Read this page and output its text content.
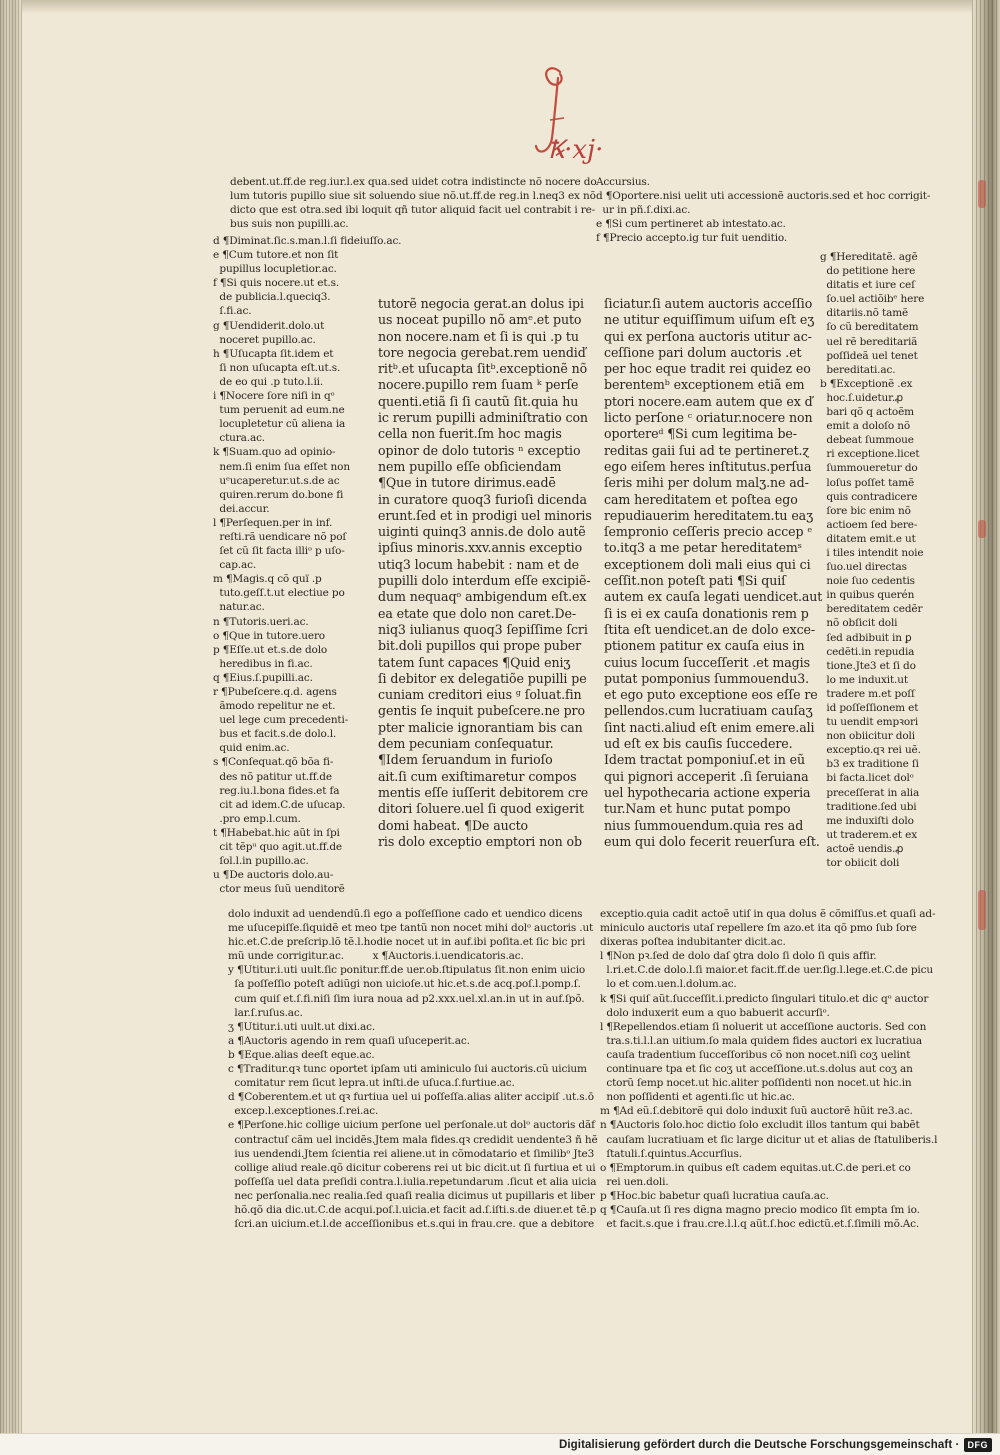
Ꝅ·xj·
debent.ut.ff.de reg.iur.l.ex qua.sed uidet cotra indistincte nõ nocere do
lum tutoris pupillo siue sit soluendo siue nõ.ut.ff.de reg.in l.neq3 ex nõ
dicto que est otra.sed ibi loquit qñ tutor aliquid facit uel contrabit i re-
bus suis non pupilli.ac.
Accursius.
d ¶Oportere.nisi uelit uti accessionẽ auctoris.sed et hoc corrigit-
ur in pñ.ſ.dixi.ac.
e ¶Si cum pertineret ab intestato.ac.
f ¶Precio accepto.ig tur fuit uenditio.
d ¶Diminat.ſic.s.man.l.ſi fideiuſſo.ac.
e ¶Cum tutore.et non ſit
pupillus locupletior.ac.
f ¶Si quis nocere.ut et.s.
de publicia.l.queciq3.
ſ.fi.ac.
g ¶Uendiderit.dolo.ut
noceret pupillo.ac.
h ¶Uſucapta ſit.idem et
ſi non uſucapta eſt.ut.s.
de eo qui .p tuto.l.ii.
i ¶Nocere ſore niſi in qᵒ
tum peruenit ad eum.ne
locupletetur cũ aliena ia
ctura.ac.
k ¶Suam.quo ad opinio-
nem.ſi enim ſua eſſet non
uᵉucaperetur.ut.s.de ac
quiren.rerum do.bone fi
dei.accur.
l ¶Perſequen.per in inf.
reſti.rã uendicare nõ poſ
ſet cũ ſit facta illiᵒ p uſo-
cap.ac.
m ¶Magis.q cõ quï .p
tuto.geſſ.t.ut electiue po
natur.ac.
n ¶Tutoris.ueri.ac.
o ¶Que in tutore.uero
p ¶Eſſe.ut et.s.de dolo
heredibus in fi.ac.
q ¶Eius.ſ.pupilli.ac.
r ¶Pubeſcere.q.d. agens
ãmodo repelitur ne et.
uel lege cum precedenti-
bus et facit.s.de dolo.l.
quid enim.ac.
s ¶Conſequat.qõ bõa fi-
des nõ patitur ut.ff.de
reg.iu.l.bona fides.et fa
cit ad idem.C.de uſucap.
.pro emp.l.cum.
t ¶Habebat.hic aũt in ſpi
cit tẽpᵘ quo agit.ut.ff.de
ſol.l.in pupillo.ac.
u ¶De auctoris dolo.au-
ctor meus ſuũ uenditorẽ
tutorẽ negocia gerat.an dolus ipi
us noceat pupillo nõ amᵉ.et puto
non nocere.nam et ſi is qui .p tu
tore negocia gerebat.rem uendiď
ritᵇ.et uſucapta ſitᵇ.exceptionẽ nõ
nocere.pupillo rem ſuam ᵏ perſe
quenti.etiã ſi ſi cautũ ſit.quia hu
ic rerum pupilli adminiſtratio con
cella non fuerit.ſm hoc magis
opinor de dolo tutoris ⁿ exceptio
nem pupillo eſſe obſiciendam
¶Que in tutore dirimus.eadē
in curatore quoq3 furioſi dicenda
erunt.ſed et in prodigi uel minoris
uiginti quinq3 annis.de dolo autẽ
ipſius minoris.xxv.annis exceptio
utiq3 locum habebit : nam et de
pupilli dolo interdum eſſe excipiẽ-
dum nequaqᵒ ambigendum eſt.ex
ea etate que dolo non caret.De-
niq3 iulianus quoq3 ſepiſſime ſcri
bit.doli pupillos qui prope puber
tatem ſunt capaces ¶Quid eniʒ
ſi debitor ex delegatiõe pupilli pe
cuniam creditori eius ᵍ ſoluat.fin
gentis ſe inquit pubeſcere.ne pro
pter malicie ignorantiam bis can
dem pecuniam conſequatur.
¶Idem ſeruandum in furioſo
ait.ſi cum exiſtimaretur compos
mentis eſſe iuſſerit debitorem cre
ditori ſoluere.uel ſi quod exigerit
domi habeat. ¶De aucto
ris dolo exceptio emptori non ob
ſiciatur.ſi autem auctoris acceſſio
ne utitur equiſſimum uiſum eſt eʒ
qui ex perſona auctoris utitur ac-
ceſſione pari dolum auctoris .et
per hoc eque tradit rei quidez eo
berentemᵇ exceptionem etiã em
ptori nocere.eam autem que ex ď
licto perſone ᶜ oriatur.nocere non
oportereᵈ ¶Si cum legitima be-
reditas gaii ſui ad te pertineret.ɀ
ego eiſem heres inſtitutus.perſua
ſeris mihi per dolum malʒ.ne ad-
cam hereditatem et poſtea ego
repudiauerim hereditatem.tu eaʒ
ſempronio ceſſeris precio accep ᵉ
to.itq3 a me petar hereditatemˢ
exceptionem doli mali eius qui ci
ceſſit.non poteſt pati ¶Si quiſ
autem ex cauſa legati uendicet.aut
ſi is ei ex cauſa donationis rem p
ſtita eſt uendicet.an de dolo exce-
ptionem patitur ex cauſa eius in
cuius locum ſucceſſerit .et magis
putat pomponius ſummouendu3.
et ego puto exceptione eos eſſe re
pellendos.cum lucratiuam cauſaʒ
ſint nacti.aliud eſt enim emere.ali
ud eſt ex bis cauſis ſuccedere.
Idem tractat pomponiuſ.et in eũ
qui pignori acceperit .ſi ſeruiana
uel hypothecaria actione experia
tur.Nam et hunc putat pompo
nius ſummouendum.quia res ad
eum qui dolo fecerit reuerſura eſt.
g ¶Hereditatẽ. agẽ
do petitione here
ditatis et iure ceſ
ſo.uel actiõibᵉ here
ditariis.nõ tamẽ
ſo cũ bereditatem
uel rẽ bereditariã
poſſideã uel tenet
bereditati.ac.
b ¶Exceptionẽ .ex
hoc.ſ.uidetur.ꝓ
bari qõ q actoẽm
emit a doloſo nõ
debeat ſummoue
ri exceptione.licet
ſummoueretur do
loſus poſſet tamẽ
quis contradicere
ſore bic enim nõ
actioem ſed bere-
ditatem emit.e ut
i tiles intendit noie
ſuo.uel directas
noie ſuo cedentis
in quibus querén
bereditatem cedẽr
nõ obſicit doli
ſed adbibuit in ꝑ
cedẽti.in repudia
tione.Jte3 et ſi do
lo me induxit.ut
tradere m.et poſſ
id poſſeſſionem et
tu uendit empꝛori
non obiicitur doli
exceptio.qꝛ rei uẽ.
b3 ex traditione ſi
bi facta.licet dolᵒ
preceſſerat in alia
traditione.ſed ubi
me induxiſti dolo
ut traderem.et ex
actoẽ uendis.ꝓ
tor obiicit doli
dolo induxit ad uendendũ.ſi ego a poſſeſſione cado et uendico dicens
me uſucepiſſe.ſiquidẽ et meo tpe tantũ non nocet mihi dolᵒ auctoris .ut
hic.et.C.de preſcrip.lõ tẽ.l.hodie nocet ut in auf.ibi poſita.et ſic bic pri
mũ unde corrigitur.ac.         x ¶Auctoris.i.uendicatoris.ac.
y ¶Utitur.i.uti uult.ſic ponitur.ff.de uer.ob.ſtipulatus ſit.non enim uicio
ſa poſſeſſio poteſt adiũgi non uicioſe.ut hic.et.s.de acq.poſ.l.pomp.ſ.
cum quiſ et.ſ.fi.niſi ſim iura noua ad p2.xxx.uel.xl.an.in ut in auf.ſpõ.
lar.ſ.ruſus.ac.
ʒ ¶Utitur.i.uti uult.ut dixi.ac.
a ¶Auctoris agendo in rem quaſi uſuceperit.ac.
b ¶Eque.alias deeſt eque.ac.
c ¶Traditur.qꝛ tunc oportet ipſam uti aminiculo ſui auctoris.cũ uicium
comitatur rem ſicut lepra.ut inſti.de uſuca.ſ.furtiue.ac.
d ¶Coberentem.et ut qꝛ furtiua uel ui poſſeſſa.alias aliter accipiſ .ut.s.ō
excep.l.exceptiones.ſ.rei.ac.
e ¶Perſone.hic collige uicium perſone uel perſonale.ut dolᵒ auctoris dãf
contractuſ cãm uel incidẽs.Jtem mala fides.qꝛ credidit uendente3 ñ hẽ
ius uendendi.Jtem ſcientia rei aliene.ut in cõmodatario et ſimilibᵒ Jte3
collige aliud reale.qõ dicitur coberens rei ut bic dicit.ut ſi furtiua et ui
poſſeſſa uel data preſidi contra.l.iulia.repetundarum .ſicut et alia uicia
nec perſonalia.nec realia.ſed quaſi realia dicimus ut pupillaris et liber
hõ.qõ dia dic.ut.C.de acqui.poſ.l.uicia.et facit ad.ſ.iſti.s.de diuer.et tẽ.p
ſcri.an uicium.et.l.de acceſſionibus et.s.qui in frau.cre. que a debitore
exceptio.quia cadit actoẽ utiſ in qua dolus ẽ cõmiſſus.et quaſi ad-
miniculo auctoris utaſ repellere ſm azo.et ita qõ pmo ſub ſore
dixeras poſtea indubitanter dicit.ac.
l ¶Non pꝛ.ſed de dolo daſ ꝯtra dolo ſi dolo ſi quis affir.
l.ri.et.C.de dolo.l.ſi maior.et facit.ff.de uer.ſig.l.lege.et.C.de picu
lo et com.uen.l.dolum.ac.
k ¶Si quiſ aũt.ſucceſſit.i.predicto ſingulari titulo.et dic qᵒ auctor
dolo induxerit eum a quo babuerit accurſiᵒ.
l ¶Repellendos.etiam ſi noluerit ut acceſſione auctoris. Sed con
tra.s.ti.l.l.an uitium.ſo mala quidem fides auctori ex lucratiua
cauſa tradentium ſucceſſoribus cõ non nocet.niſi coʒ uelint
continuare tpa et ſic coʒ ut acceſſione.ut.s.dolus aut coʒ an
ctorũ ſemp nocet.ut hic.aliter poſſidenti non nocet.ut hic.in
non poſſidenti et agenti.ſic ut hic.ac.
m ¶Ad eũ.ſ.debitorẽ qui dolo induxit ſuũ auctorẽ hũit re3.ac.
n ¶Auctoris ſolo.hoc dictio ſolo excludit illos tantum qui babẽt
cauſam lucratiuam et ſic large dicitur ut et alias de ſtatuliberis.l
ſtatuli.ſ.quintus.Accurſius.
o ¶Emptorum.in quibus eſt cadem equitas.ut.C.de peri.et co
rei uen.doli.
p ¶Hoc.bic babetur quaſi lucratiua cauſa.ac.
q ¶Cauſa.ut ſi res digna magno precio modico ſit empta ſm io.
et facit.s.que i frau.cre.l.l.q aũt.ſ.hoc edictũ.et.ſ.ſimili mõ.Ac.
Digitalisierung gefördert durch die Deutsche Forschungsgemeinschaft · DFG
